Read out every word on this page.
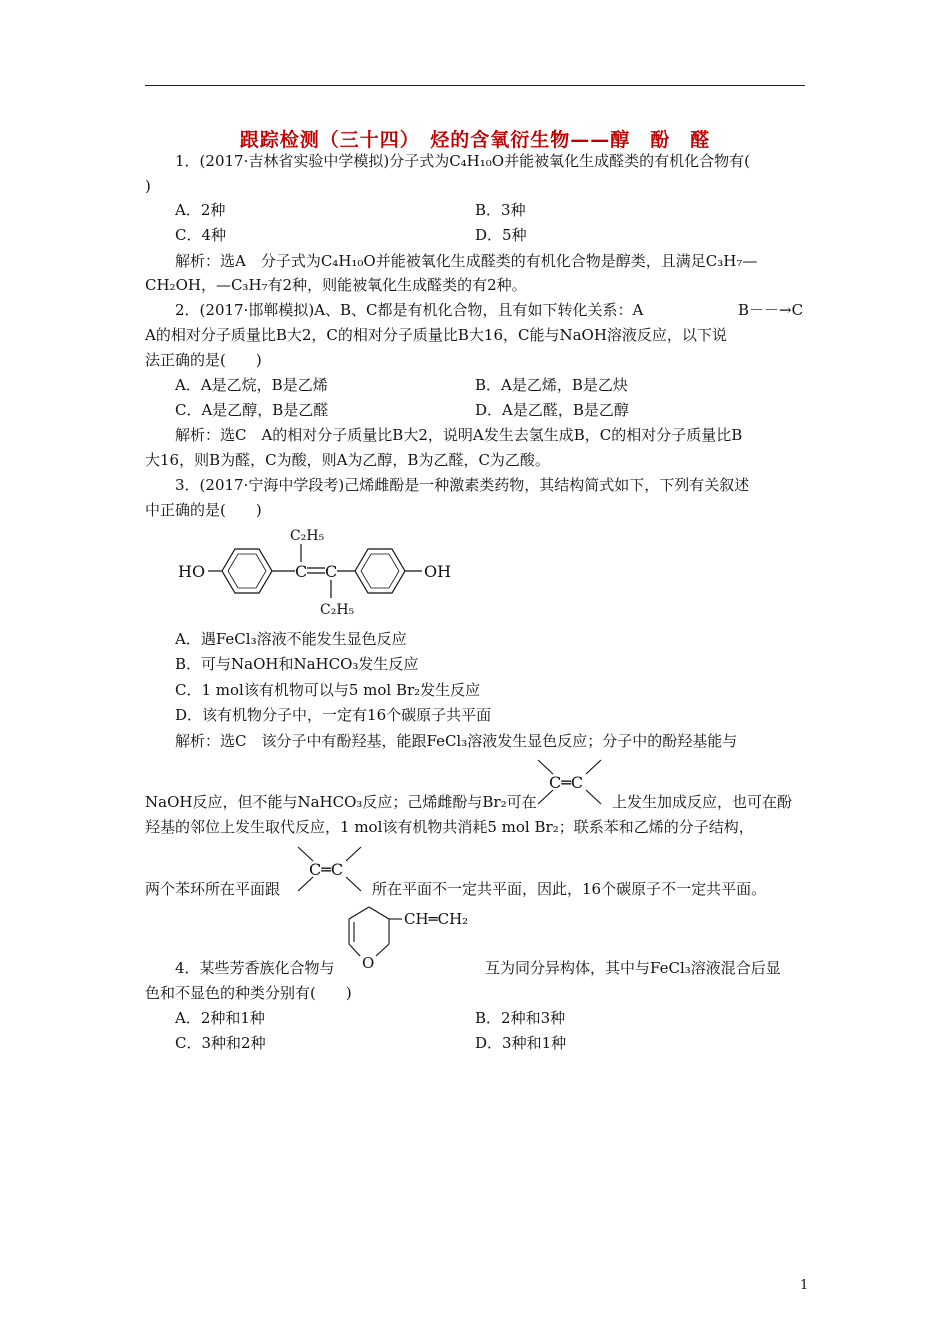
跟踪检测（三十四）　烃的含氧衍生物——醇　酚　醛
1．(2017·吉林省实验中学模拟)分子式为C₄H₁₀O并能被氧化生成醛类的有机化合物有(
)
A．2种	B．3种
C．4种	D．5种
解析：选A　分子式为C₄H₁₀O并能被氧化生成醛类的有机化合物是醇类，且满足C₃H₇—
CH₂OH，—C₃H₇有2种，则能被氧化生成醛类的有2种。
2．(2017·邯郸模拟)A、B、C都是有机化合物，且有如下转化关系：A	B－－→C
A的相对分子质量比B大2，C的相对分子质量比B大16，C能与NaOH溶液反应，以下说
法正确的是(　　)
A．A是乙烷，B是乙烯	B．A是乙烯，B是乙炔
C．A是乙醇，B是乙醛	D．A是乙醛，B是乙醇
解析：选C　A的相对分子质量比B大2，说明A发生去氢生成B，C的相对分子质量比B
大16，则B为醛，C为酸，则A为乙醇，B为乙醛，C为乙酸。
3．(2017·宁海中学段考)己烯雌酚是一种激素类药物，其结构简式如下，下列有关叙述
中正确的是(　　)
HO	C C
C₂H₅
C₂H₅
OH
A．遇FeCl₃溶液不能发生显色反应
B．可与NaOH和NaHCO₃发生反应
C．1 mol该有机物可以与5 mol Br₂发生反应
D．该有机物分子中，一定有16个碳原子共平面
解析：选C　该分子中有酚羟基，能跟FeCl₃溶液发生显色反应；分子中的酚羟基能与
NaOH反应，但不能与NaHCO₃反应；己烯雌酚与Br₂可在
C═C
上发生加成反应，也可在酚
羟基的邻位上发生取代反应，1 mol该有机物共消耗5 mol Br₂；联系苯和乙烯的分子结构，
两个苯环所在平面跟
C═C
所在平面不一定共平面，因此，16个碳原子不一定共平面。
4．某些芳香族化合物与 O
CH═CH₂
互为同分异构体，其中与FeCl₃溶液混合后显
色和不显色的种类分别有(　　)
A．2种和1种	B．2种和3种
C．3种和2种	D．3种和1种
1
